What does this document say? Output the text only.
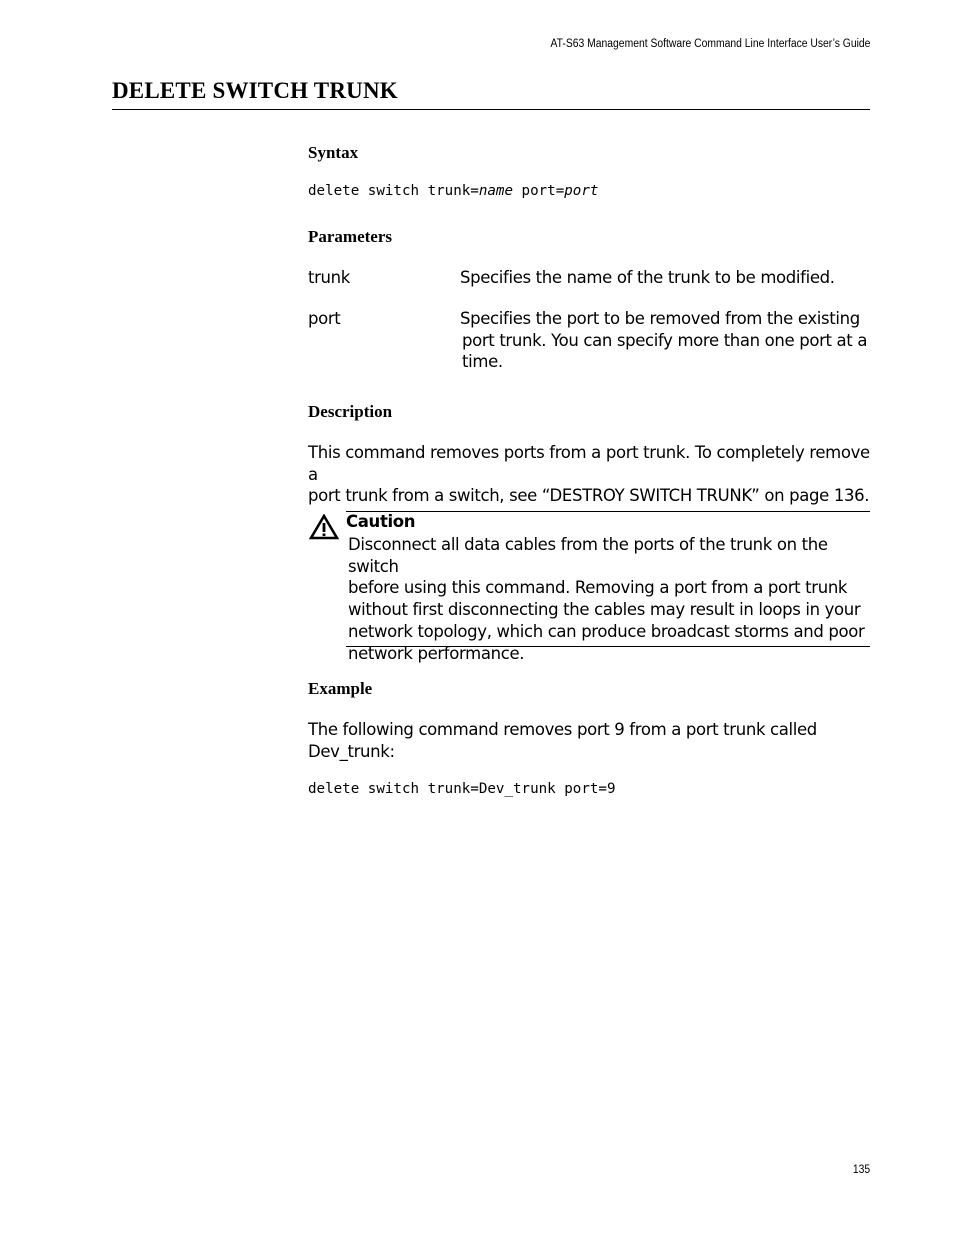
AT-S63 Management Software Command Line Interface User’s Guide
DELETE SWITCH TRUNK
Syntax
delete switch trunk=name port=port
Parameters
trunk	Specifies the name of the trunk to be modified.
port	Specifies the port to be removed from the existing
port trunk. You can specify more than one port at a
time.
Description
This command removes ports from a port trunk. To completely remove a
port trunk from a switch, see “DESTROY SWITCH TRUNK” on page 136.
Caution
Disconnect all data cables from the ports of the trunk on the switch
before using this command. Removing a port from a port trunk
without first disconnecting the cables may result in loops in your
network topology, which can produce broadcast storms and poor
network performance.
Example
The following command removes port 9 from a port trunk called
Dev_trunk:
delete switch trunk=Dev_trunk port=9
135
